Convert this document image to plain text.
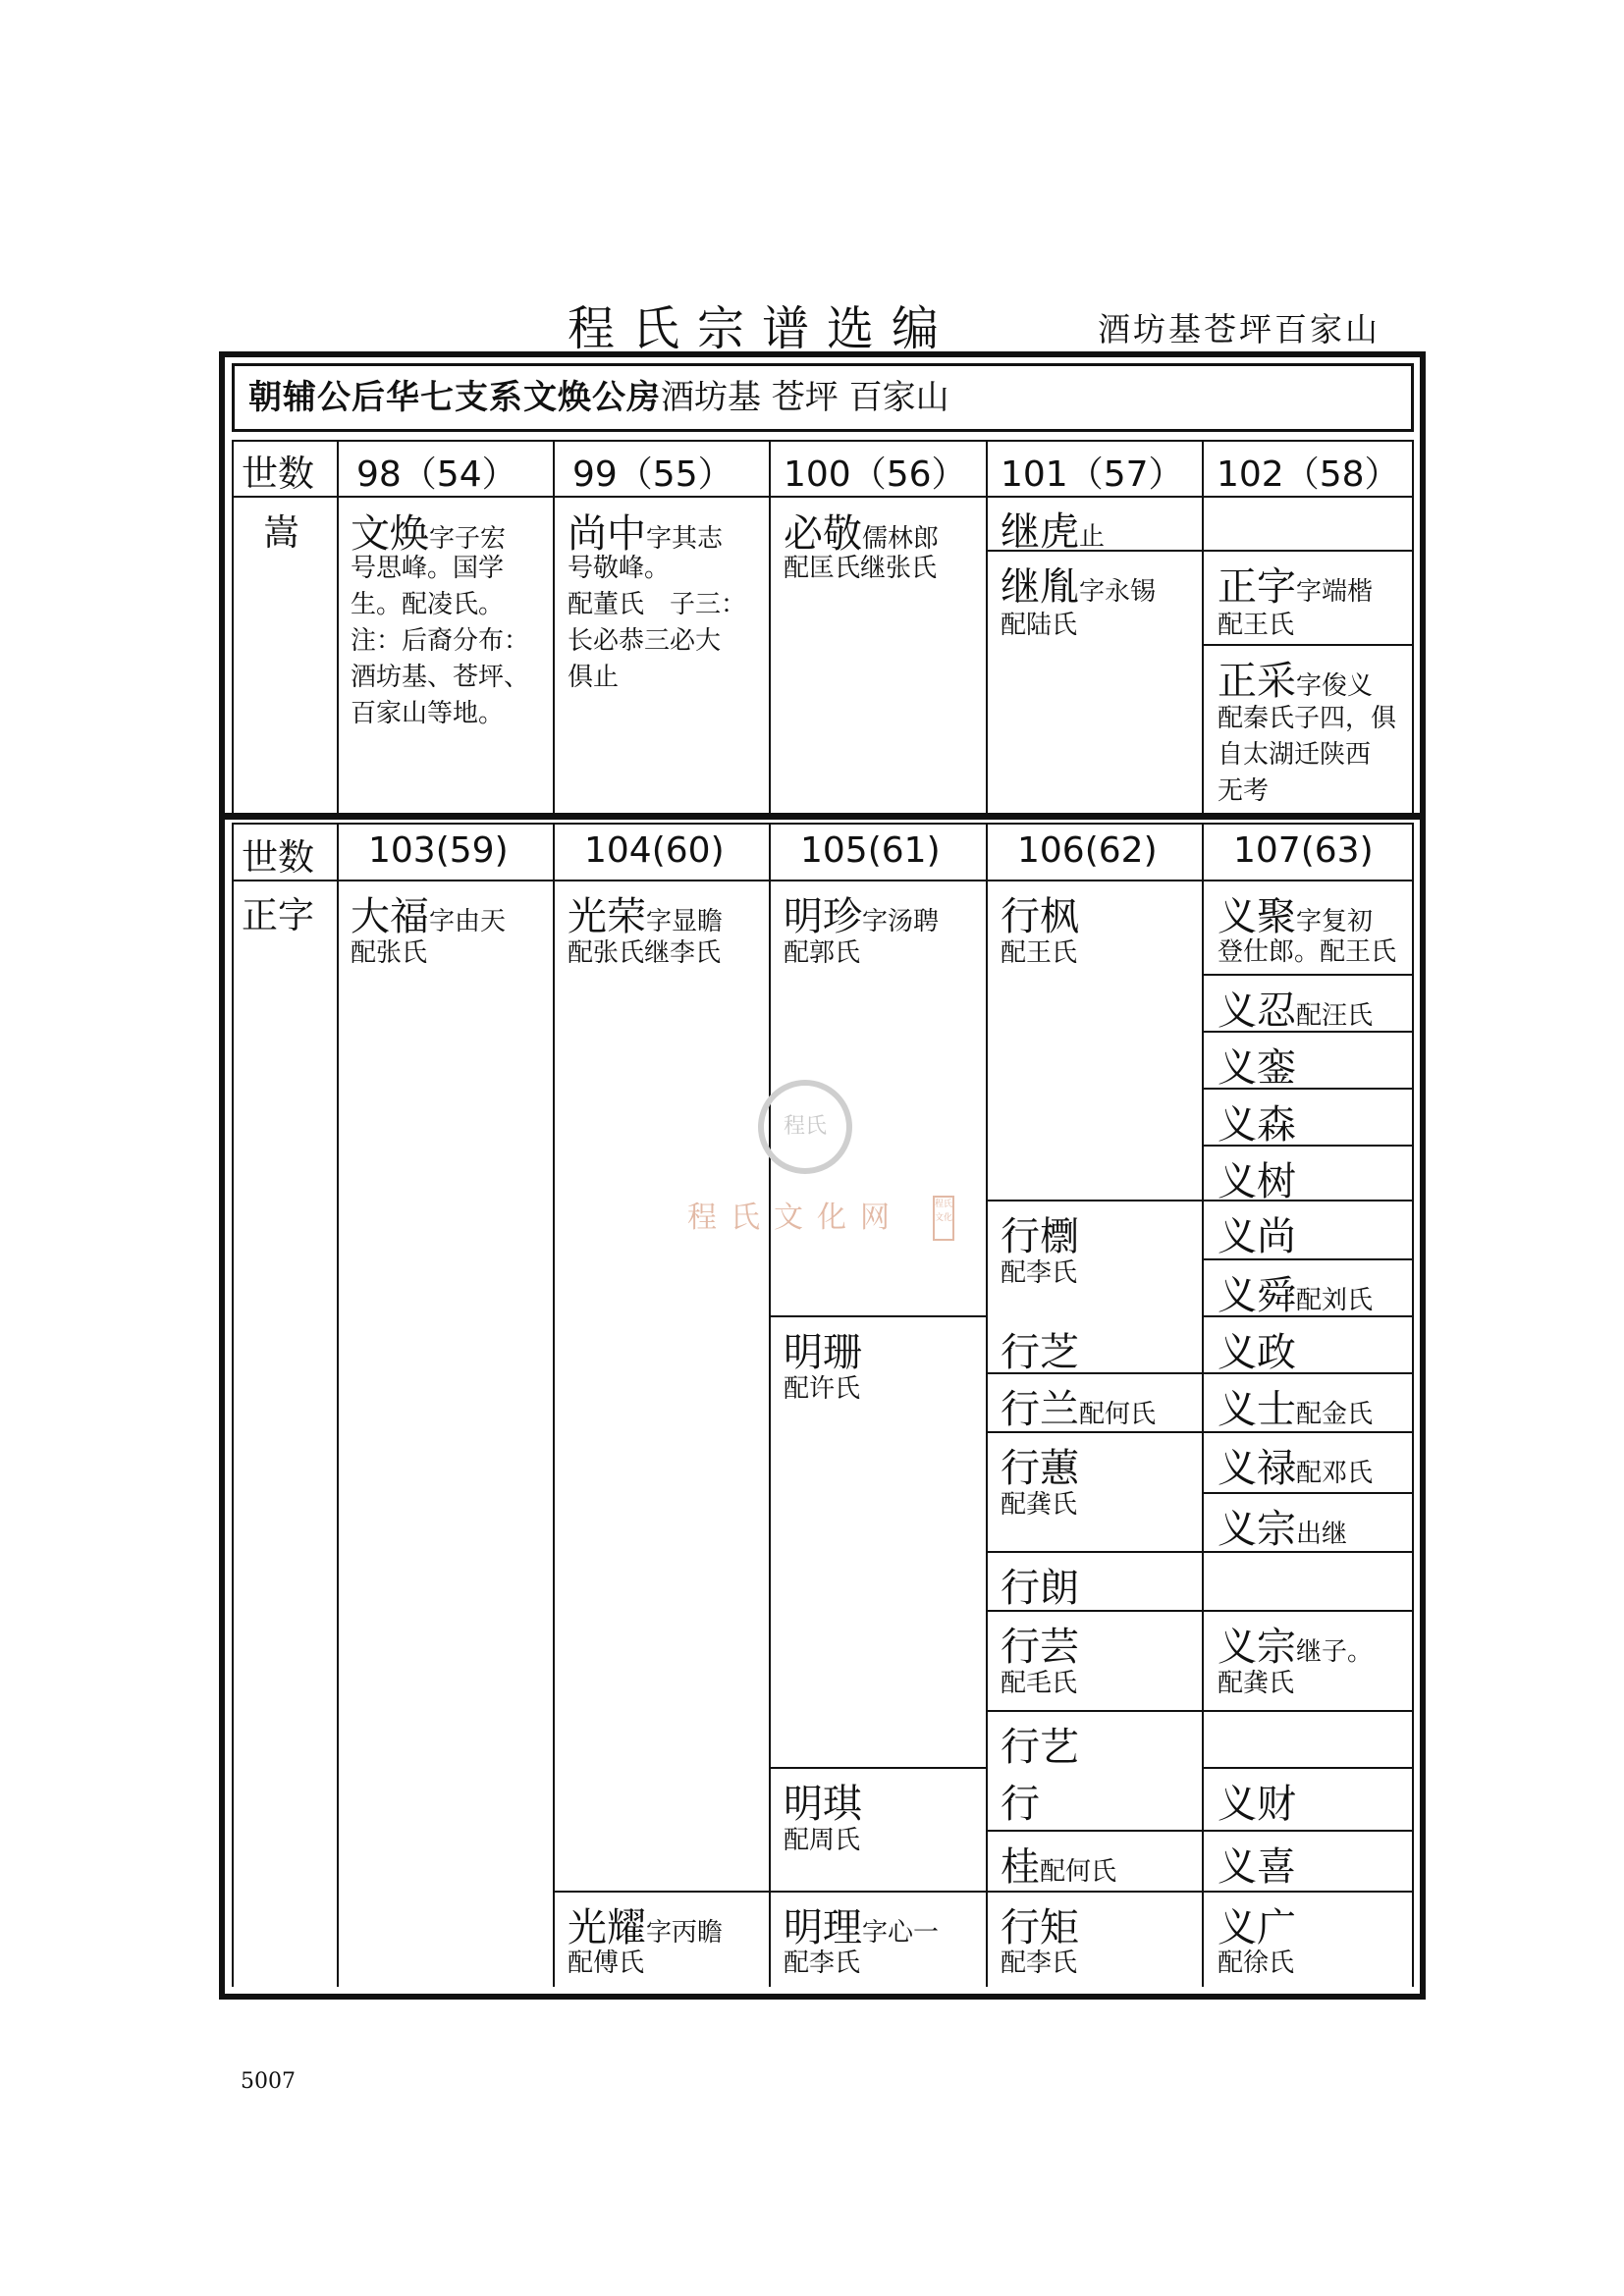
程氏宗谱选编	酒坊基苍坪百家山
朝辅公后华七支系文焕公房酒坊基 苍坪 百家山
世数 98（54） 99（55） 100（56） 101（57） 102（58）
嵩 文焕字子宏
号思峰。国学
生。配凌氏。
注：后裔分布：
酒坊基、苍坪、
百家山等地。
尚中字其志
号敬峰。
配董氏　子三：
长必恭三必大
俱止
必敬儒林郎
配匡氏继张氏
继虎止
继胤字永锡
配陆氏
正字字端楷
配王氏
正采字俊义
配秦氏子四，俱
自太湖迁陕西
无考
世数 103(59) 104(60) 105(61) 106(62) 107(63)
正字 大福字由天
配张氏
光荣字显瞻
配张氏继李氏
光耀字丙瞻
配傅氏
明珍字汤聘
配郭氏
明珊
配许氏
明琪
配周氏
明理字心一
配李氏
行枫
配王氏
行檦
配李氏
行芝
行兰配何氏
行蕙
配龚氏
行朗
行芸
配毛氏
行艺
行
桂配何氏
行矩
配李氏
义聚字复初
登仕郎。配王氏
义忍配汪氏
义銮
义森
义树
义尚
义舜配刘氏
义政
义士配金氏
义禄配邓氏
义宗出继
义宗继子。
配龚氏
义财
义喜
义广
配徐氏
程氏
程氏文化网	程氏文化
5007
